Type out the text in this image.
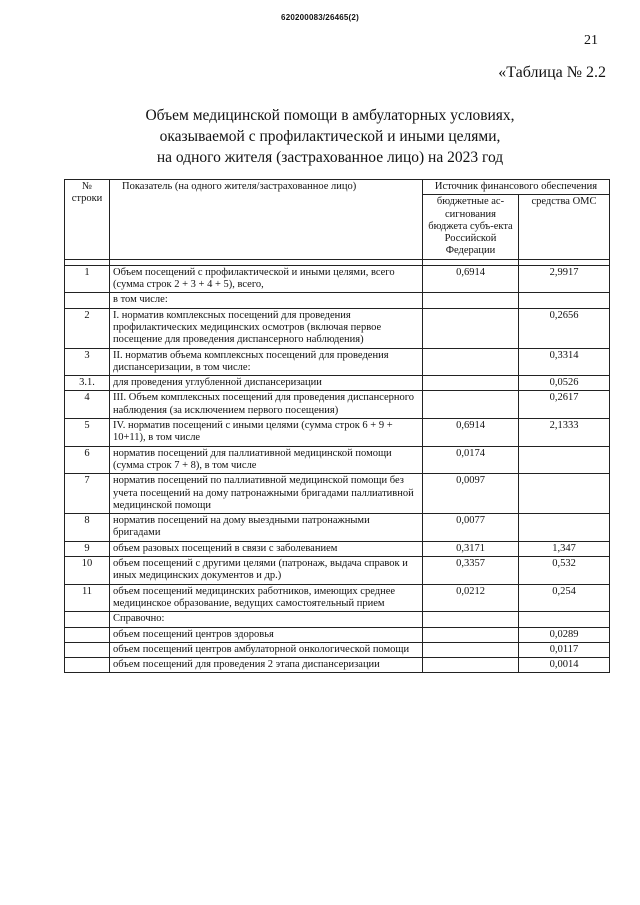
620200083/26465(2)
21
«Таблица № 2.2
Объем медицинской помощи в амбулаторных условиях,
оказываемой с профилактической и иными целями,
на одного жителя (застрахованное лицо) на 2023 год
№ строки	Показатель (на одного жителя/застрахованное лицо)	Источник финансового обеспечения	
		бюджетные ас-сигнования бюджета субъ-екта Российской Федерации	средства ОМС

1	Объем посещений с профилактической и иными целями, всего (сумма строк 2 + 3 + 4 + 5), всего,	0,6914	2,9917
	в том числе:		
2	I. норматив комплексных посещений для проведения профилактических медицинских осмотров (включая первое посещение для проведения диспансерного наблюдения)		0,2656
3	II. норматив объема комплексных посещений для проведения диспансеризации, в том числе:		0,3314
3.1.	для проведения углубленной диспансеризации		0,0526
4	III. Объем комплексных посещений для проведения диспансерного наблюдения (за исключением первого посещения)		0,2617
5	IV. норматив посещений с иными целями (сумма строк 6 + 9 + 10+11), в том числе	0,6914	2,1333
6	норматив посещений для паллиативной медицинской помощи (сумма строк 7 + 8), в том числе	0,0174	
7	норматив посещений по паллиативной медицинской помощи без учета посещений на дому патронажными бригадами паллиативной медицинской помощи	0,0097	
8	норматив посещений на дому выездными патронажными бригадами	0,0077	
9	объем разовых посещений в связи с заболеванием	0,3171	1,347
10	объем посещений с другими целями (патронаж, выдача справок и иных медицинских документов и др.)	0,3357	0,532
11	объем посещений медицинских работников, имеющих среднее медицинское образование, ведущих самостоятельный прием	0,0212	0,254
	Справочно:		
	объем посещений центров здоровья		0,0289
	объем посещений центров амбулаторной онкологической помощи		0,0117
	объем посещений для проведения 2 этапа диспансеризации		0,0014
